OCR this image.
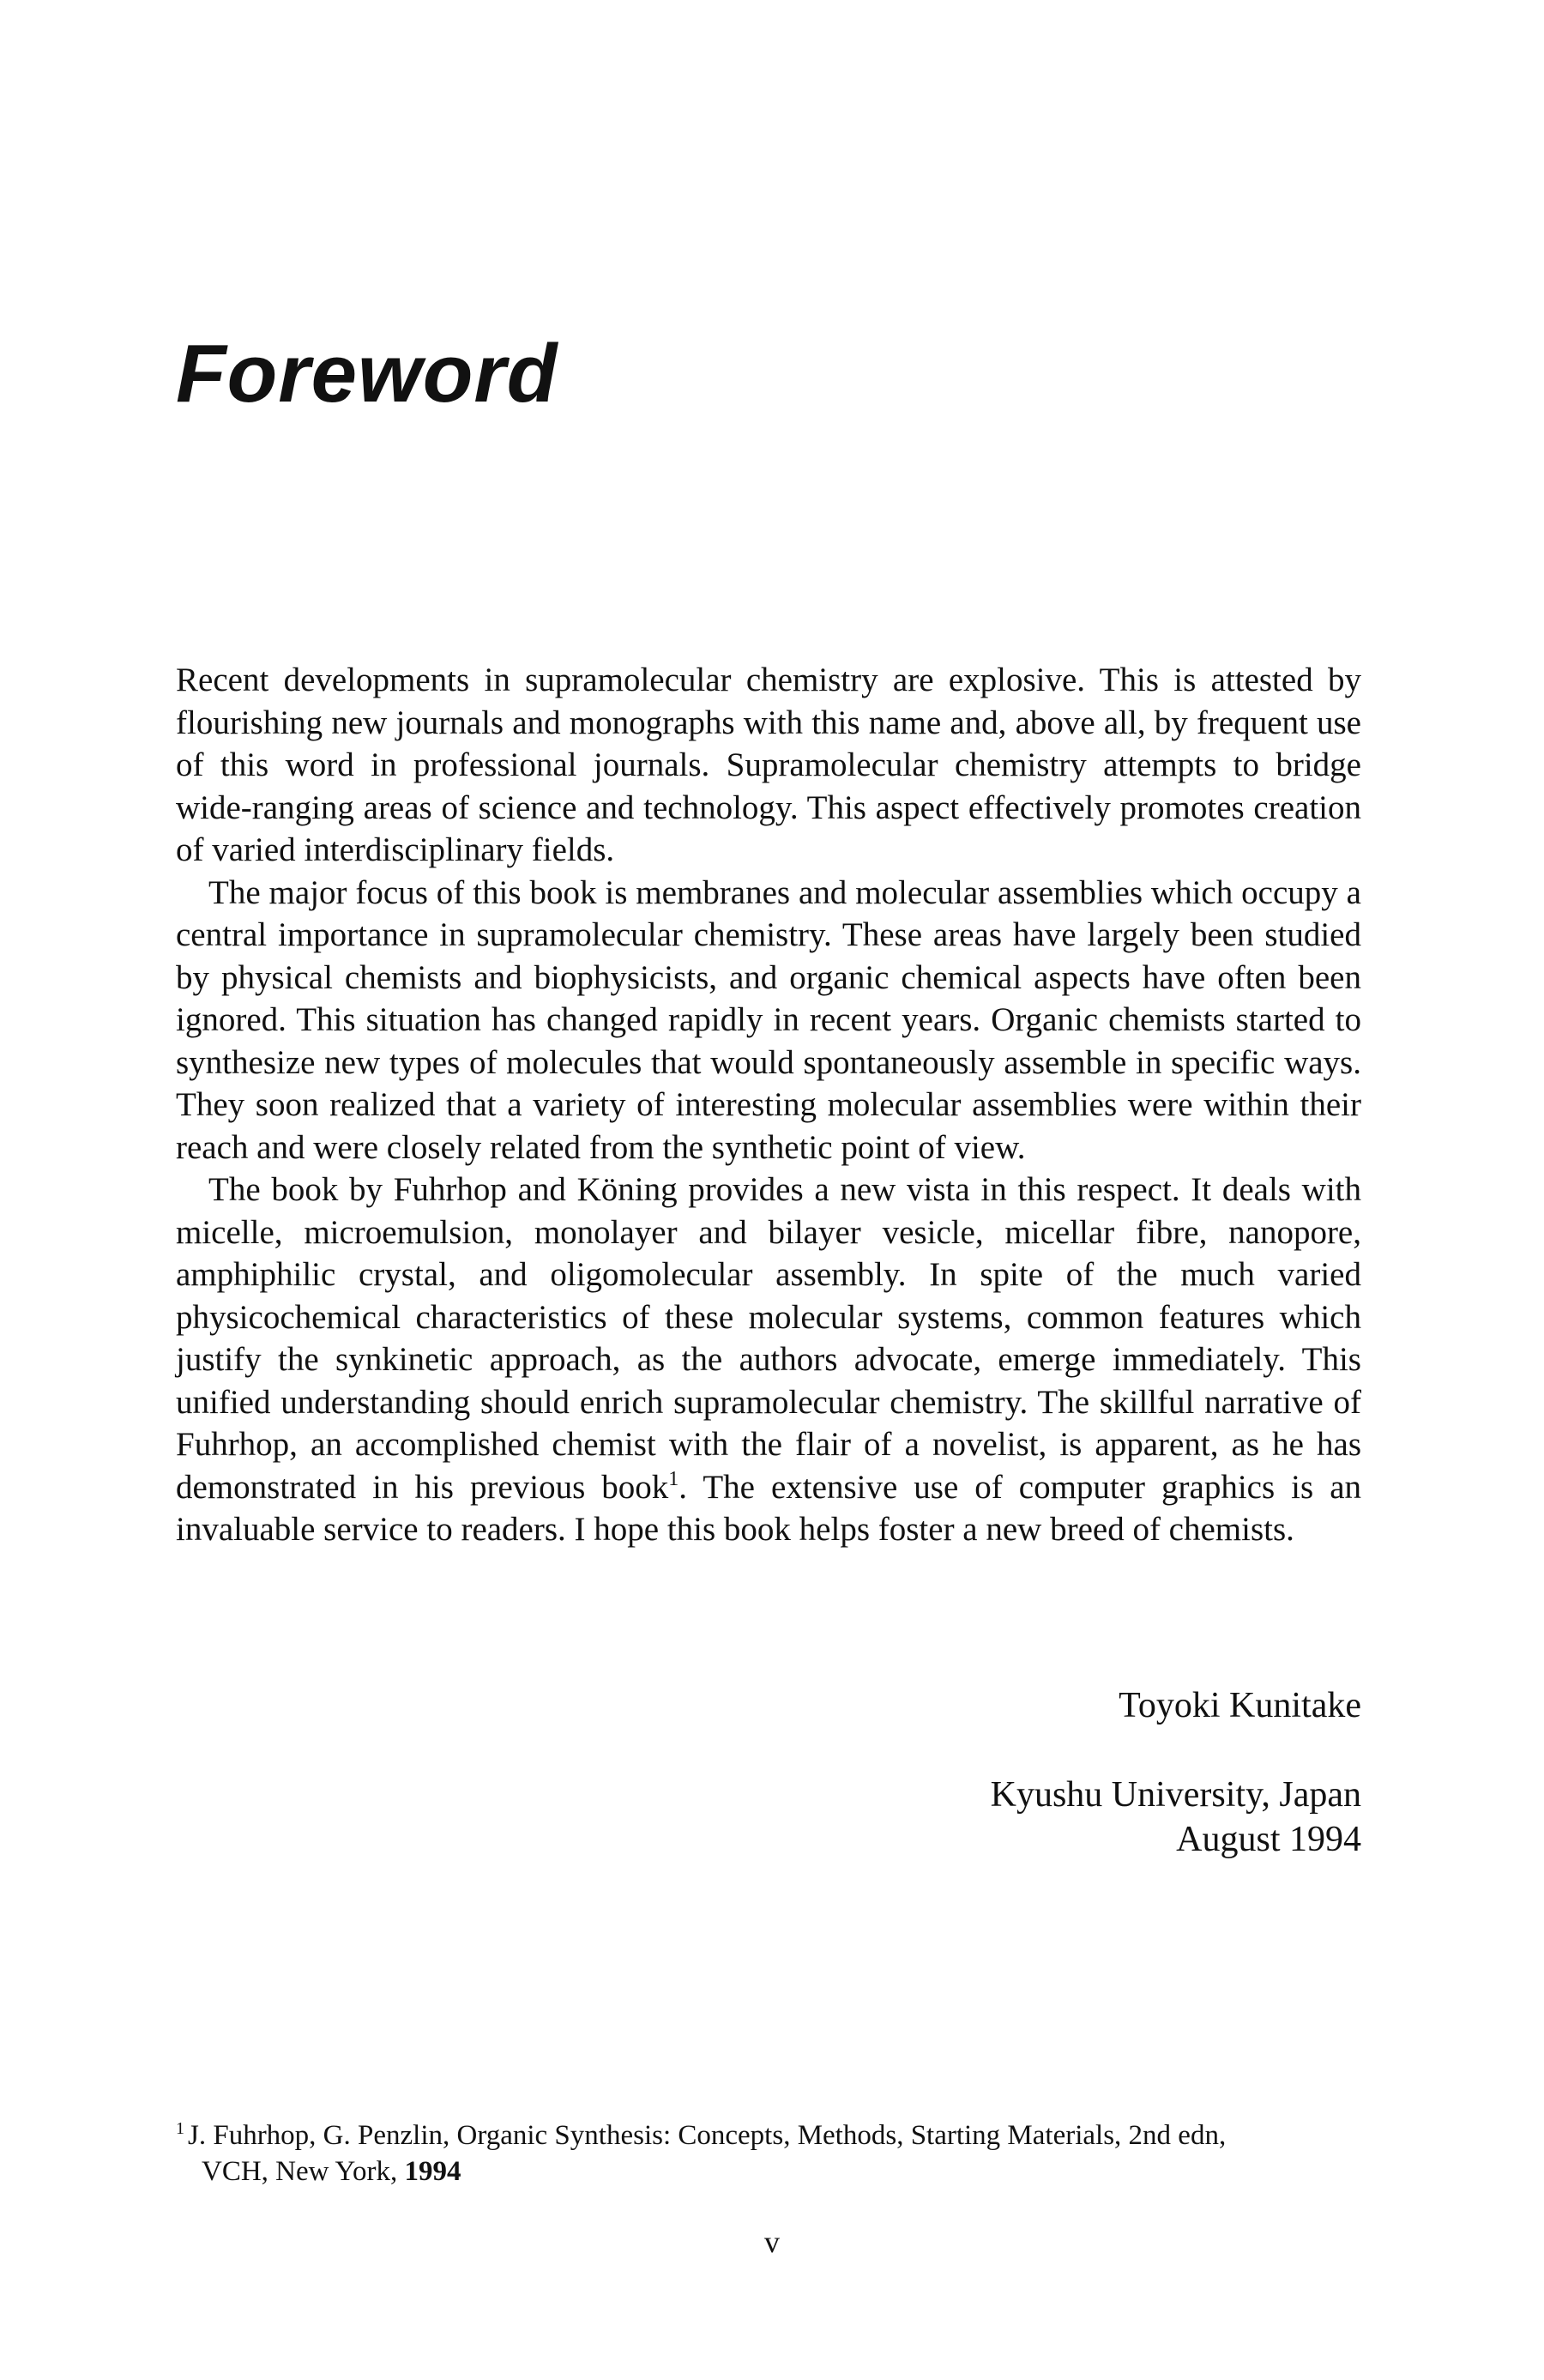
Foreword

Recent developments in supramolecular chemistry are explosive. This is attested by flourishing new journals and monographs with this name and, above all, by frequent use of this word in professional journals. Supramolecular chemistry attempts to bridge wide-ranging areas of science and technology. This aspect effectively promotes creation of varied interdisciplinary fields.

The major focus of this book is membranes and molecular assemblies which occupy a central importance in supramolecular chemistry. These areas have largely been studied by physical chemists and biophysicists, and organic chemical aspects have often been ignored. This situation has changed rapidly in recent years. Organic chemists started to synthesize new types of molecules that would spontaneously assemble in specific ways. They soon realized that a variety of interesting molecular assemblies were within their reach and were closely related from the synthetic point of view.

The book by Fuhrhop and Köning provides a new vista in this respect. It deals with micelle, microemulsion, monolayer and bilayer vesicle, micellar fibre, nanopore, amphiphilic crystal, and oligomolecular assembly. In spite of the much varied physicochemical characteristics of these molecular systems, common features which justify the synkinetic approach, as the authors advocate, emerge immediately. This unified understanding should enrich supramolecular chemistry. The skillful narrative of Fuhrhop, an accomplished chemist with the flair of a novelist, is apparent, as he has demonstrated in his previous book$^1$. The extensive use of computer graphics is an invaluable service to readers. I hope this book helps foster a new breed of chemists.

Toyoki Kunitake
Kyushu University, Japan
August 1994
$^1$ J. Fuhrhop, G. Penzlin, Organic Synthesis: Concepts, Methods, Starting Materials, 2nd edn,
VCH, New York, 1994
v
